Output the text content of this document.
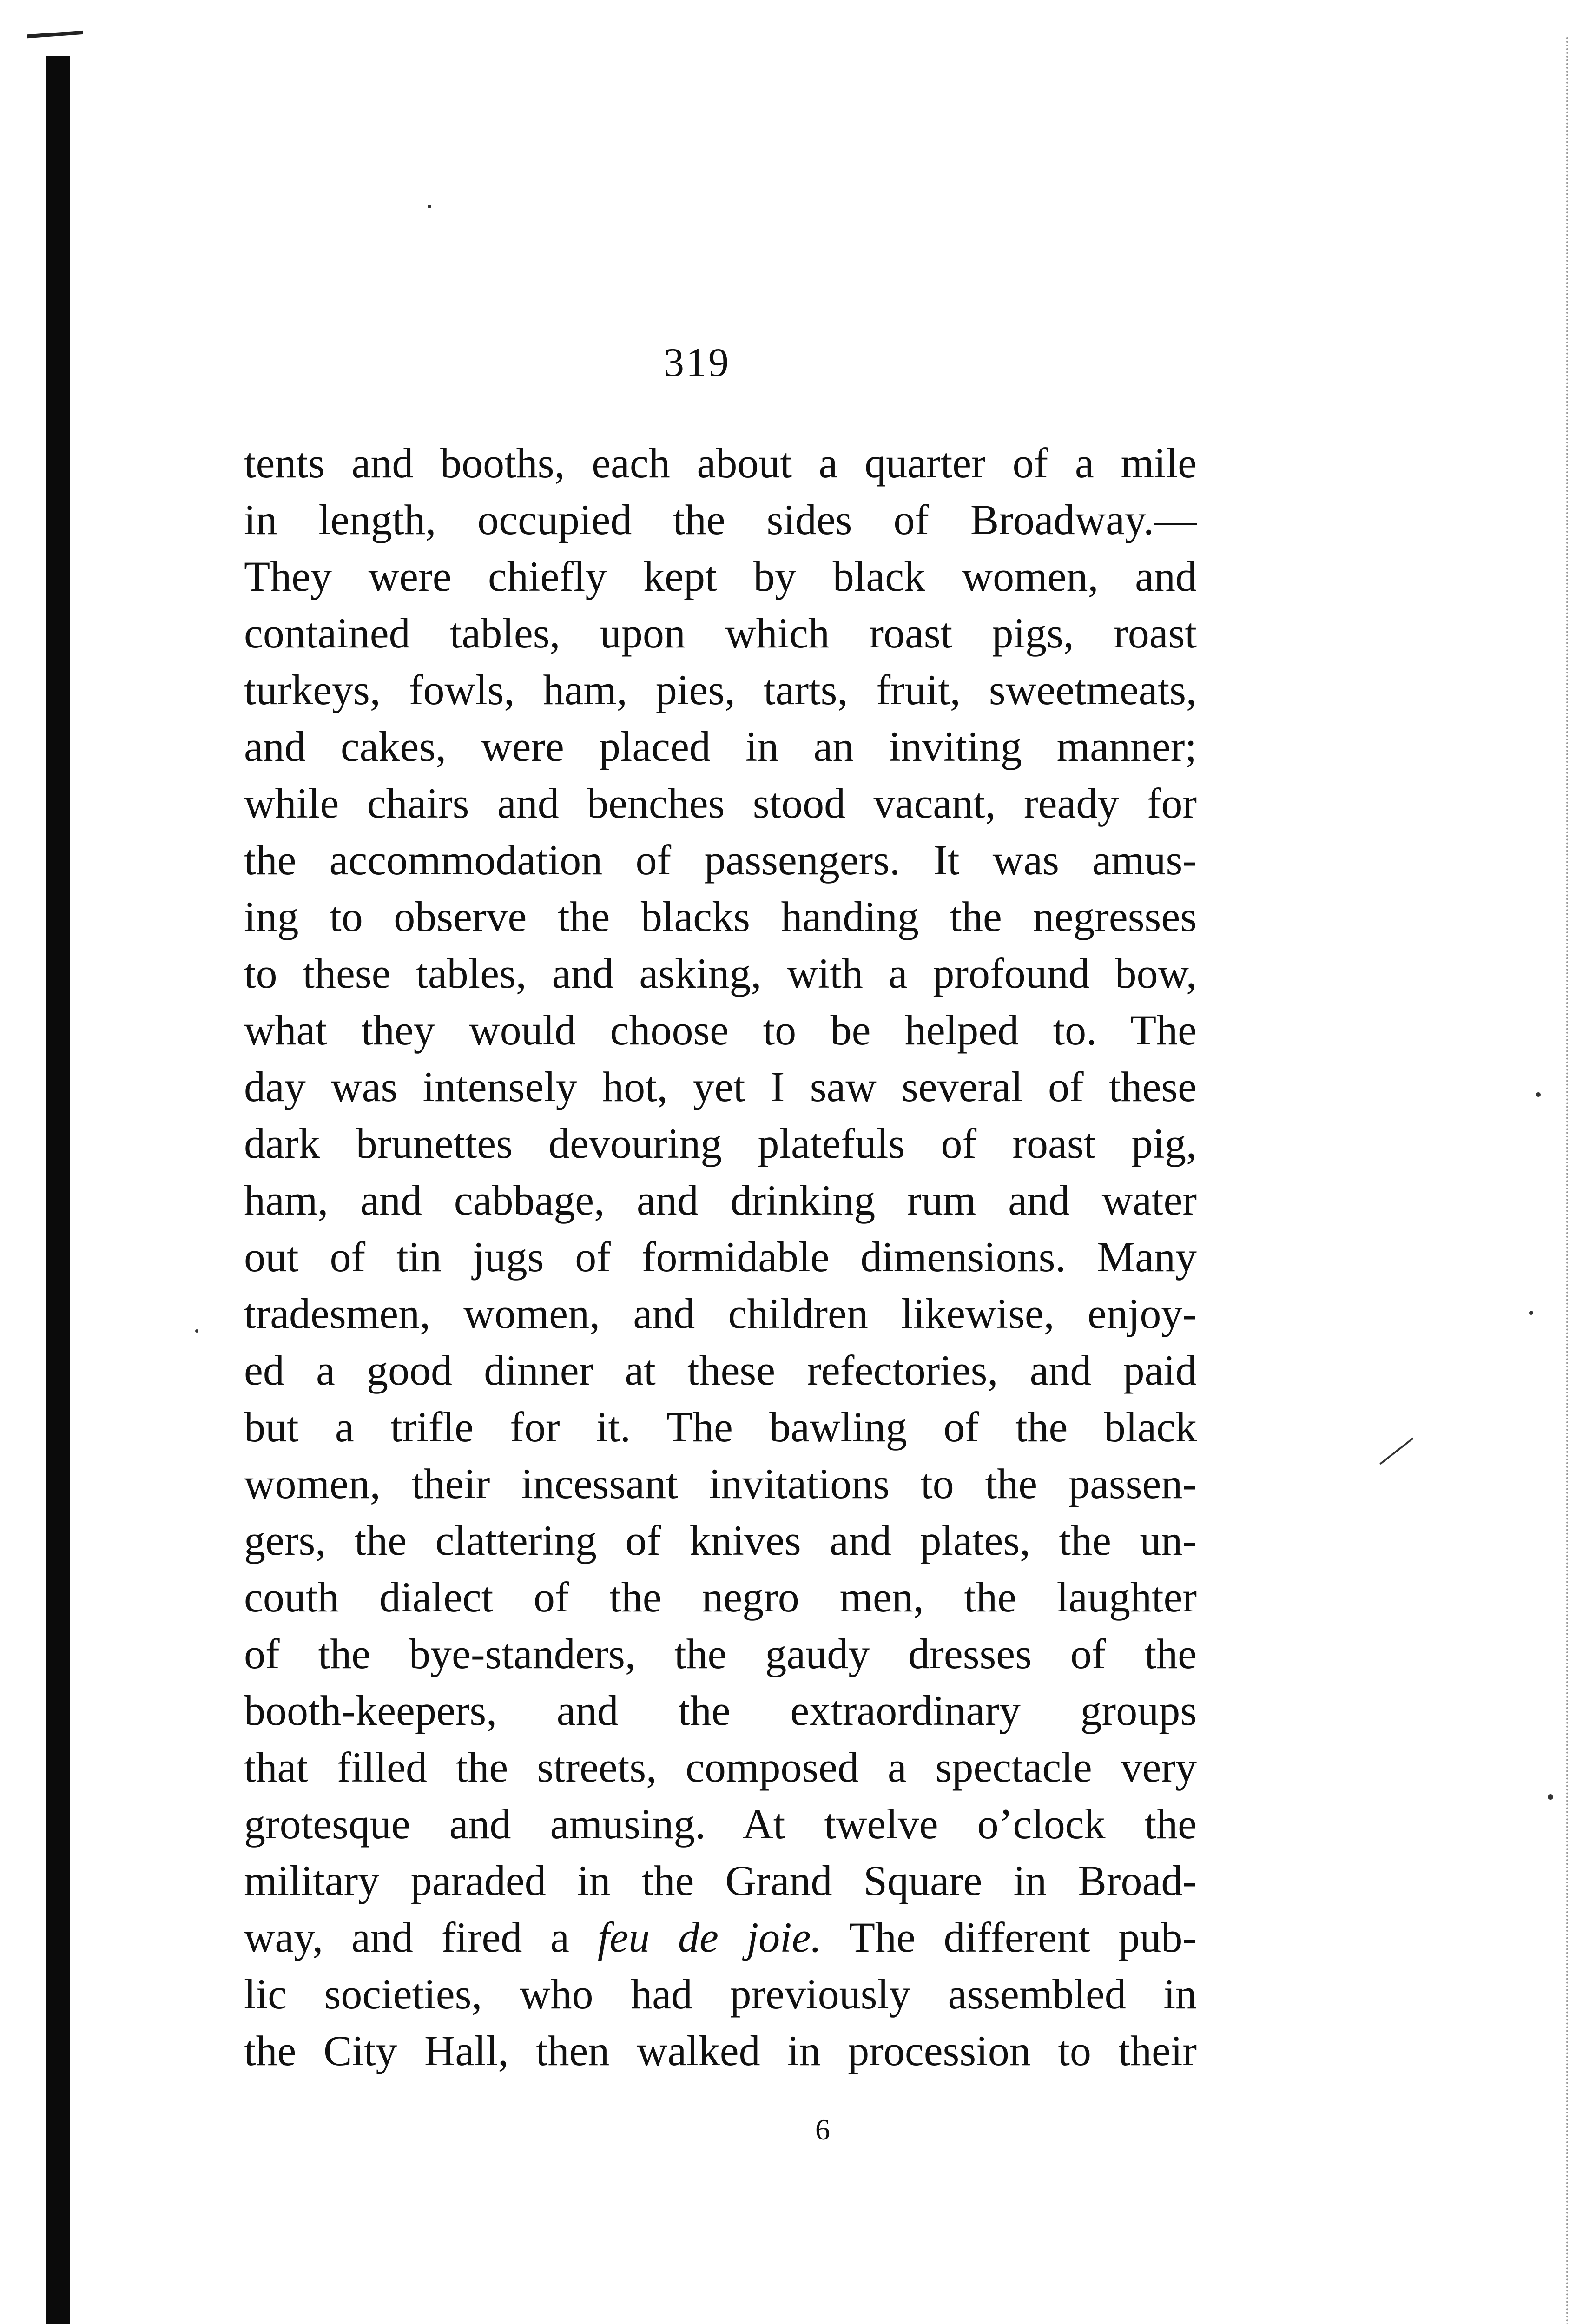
319
tents and booths, each about a quarter of a mile
in length, occupied the sides of Broadway.—
They were chiefly kept by black women, and
contained tables, upon which roast pigs, roast
turkeys, fowls, ham, pies, tarts, fruit, sweetmeats,
and cakes, were placed in an inviting manner;
while chairs and benches stood vacant, ready for
the accommodation of passengers. It was amus-
ing to observe the blacks handing the negresses
to these tables, and asking, with a profound bow,
what they would choose to be helped to. The
day was intensely hot, yet I saw several of these
dark brunettes devouring platefuls of roast pig,
ham, and cabbage, and drinking rum and water
out of tin jugs of formidable dimensions. Many
tradesmen, women, and children likewise, enjoy-
ed a good dinner at these refectories, and paid
but a trifle for it. The bawling of the black
women, their incessant invitations to the passen-
gers, the clattering of knives and plates, the un-
couth dialect of the negro men, the laughter
of the bye-standers, the gaudy dresses of the
booth-keepers, and the extraordinary groups
that filled the streets, composed a spectacle very
grotesque and amusing. At twelve o’clock the
military paraded in the Grand Square in Broad-
way, and fired a feu de joie. The different pub-
lic societies, who had previously assembled in
the City Hall, then walked in procession to their
6
